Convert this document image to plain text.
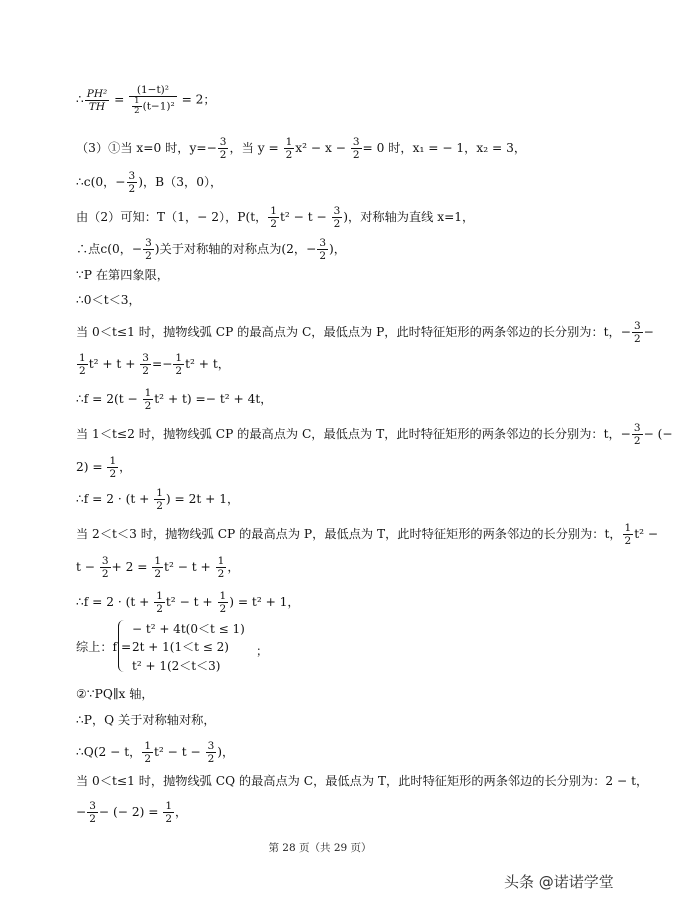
∴ $\frac{\text{PH²}}{TH} = \frac{\text{(1−t)²}}{\frac{1}{2} (t-1)^2} = 2$；
（3）①当 x=0 时，$y=- \frac{3}{2}$ ，当 $y = \frac{1}{2} x^2 - x - \frac{3}{2} = 0$ 时，x₁ = − 1，x₂ = 3，
∴c(0，− $\frac{3}{2}$ )，B（3，0），
由（2）可知：T（1，− 2），P(t， $\frac{1}{2} t^2 - t - \frac{3}{2}$ )，对称轴为直线 x=1，
∴点c(0，− $\frac{3}{2}$ )关于对称轴的对称点为(2，− $\frac{3}{2}$ )，
∵P 在第四象限，
∴0＜t＜3，
当 0＜t≤1 时，抛物线弧 CP 的最高点为 C，最低点为 P，此时特征矩形的两条邻边的长分别为：t，− $\frac{3}{2}$ −
$\frac{1}{2} t^2 + t + \frac{3}{2} =- \frac{1}{2} t^2 + t$，
∴f = $2(t - \frac{1}{2} t^2 + t) =- t^2 + 4t$，
当 1＜t≤2 时，抛物线弧 CP 的最高点为 C，最低点为 T，此时特征矩形的两条邻边的长分别为：t，− $\frac{3}{2}$ − (−
$2) = \frac{1}{2}$ ，
∴f = $2 \cdot (t + \frac{1}{2}$ ) = 2t + 1，
当 2＜t＜3 时，抛物线弧 CP 的最高点为 P，最低点为 T，此时特征矩形的两条邻边的长分别为：t， $\frac{1}{2} t^2$ −
$t - \frac{3}{2} + 2 = \frac{1}{2} t^2 - t + \frac{1}{2}$ ，
∴f = $2 \cdot (t + \frac{1}{2} t^2 - t + \frac{1}{2}$ ) = t² + 1，
综上：f =
− t² + 4t(0＜t ≤ 1)
2t + 1(1＜t ≤ 2)
t² + 1(2＜t＜3)
；
②∵PQ∥x 轴，
∴P，Q 关于对称轴对称，
∴Q(2 − t， $\frac{1}{2} t^2 - t - \frac{3}{2}$ )，
当 0＜t≤1 时，抛物线弧 CQ 的最高点为 C，最低点为 T，此时特征矩形的两条邻边的长分别为：2 − t，
− $\frac{3}{2}$ − (− $2) = \frac{1}{2}$ ，
第 28 页（共 29 页）
头条 @诺诺学堂
